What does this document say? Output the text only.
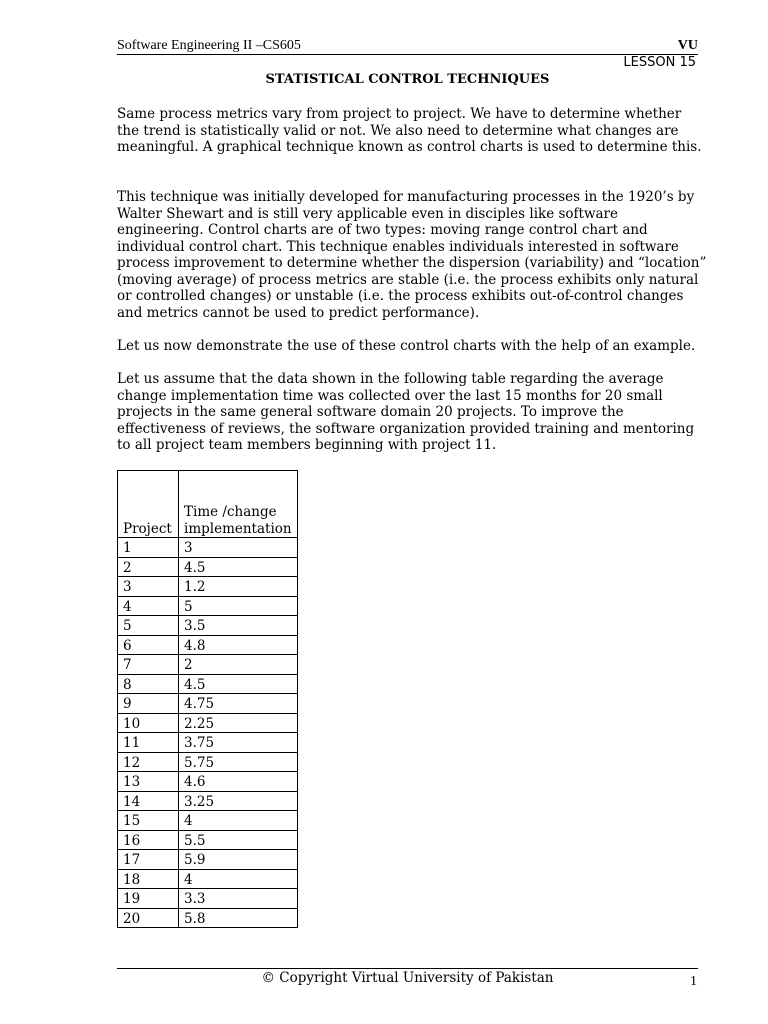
Software Engineering II –CS605	VU
LESSON 15
STATISTICAL CONTROL TECHNIQUES

Same process metrics vary from project to project. We have to determine whether the trend is statistically valid or not. We also need to determine what changes are meaningful. A graphical technique known as control charts is used to determine this.

This technique was initially developed for manufacturing processes in the 1920’s by Walter Shewart and is still very applicable even in disciples like software engineering. Control charts are of two types: moving range control chart and individual control chart. This technique enables individuals interested in software process improvement to determine whether the dispersion (variability) and “location” (moving average) of process metrics are stable (i.e. the process exhibits only natural or controlled changes) or unstable (i.e. the process exhibits out-of-control changes and metrics cannot be used to predict performance).

Let us now demonstrate the use of these control charts with the help of an example.

Let us assume that the data shown in the following table regarding the average change implementation time was collected over the last 15 months for 20 small projects in the same general software domain 20 projects. To improve the effectiveness of reviews, the software organization provided training and mentoring to all project team members beginning with project 11.

Project	Time /change implementation
1	3
2	4.5
3	1.2
4	5
5	3.5
6	4.8
7	2
8	4.5
9	4.75
10	2.25
11	3.75
12	5.75
13	4.6
14	3.25
15	4
16	5.5
17	5.9
18	4
19	3.3
20	5.8
© Copyright Virtual University of Pakistan	1
